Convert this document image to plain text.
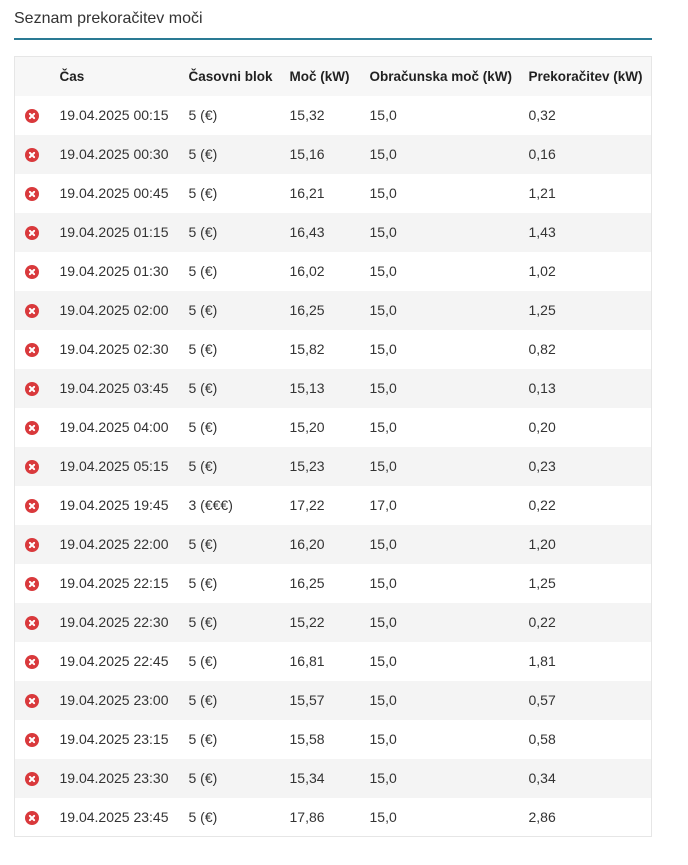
Seznam prekoračitev moči
	Čas	Časovni blok	Moč (kW)	Obračunska moč (kW)	Prekoračitev (kW)
	19.04.2025 00:15	5 (€)	15,32	15,0	0,32
	19.04.2025 00:30	5 (€)	15,16	15,0	0,16
	19.04.2025 00:45	5 (€)	16,21	15,0	1,21
	19.04.2025 01:15	5 (€)	16,43	15,0	1,43
	19.04.2025 01:30	5 (€)	16,02	15,0	1,02
	19.04.2025 02:00	5 (€)	16,25	15,0	1,25
	19.04.2025 02:30	5 (€)	15,82	15,0	0,82
	19.04.2025 03:45	5 (€)	15,13	15,0	0,13
	19.04.2025 04:00	5 (€)	15,20	15,0	0,20
	19.04.2025 05:15	5 (€)	15,23	15,0	0,23
	19.04.2025 19:45	3 (€€€)	17,22	17,0	0,22
	19.04.2025 22:00	5 (€)	16,20	15,0	1,20
	19.04.2025 22:15	5 (€)	16,25	15,0	1,25
	19.04.2025 22:30	5 (€)	15,22	15,0	0,22
	19.04.2025 22:45	5 (€)	16,81	15,0	1,81
	19.04.2025 23:00	5 (€)	15,57	15,0	0,57
	19.04.2025 23:15	5 (€)	15,58	15,0	0,58
	19.04.2025 23:30	5 (€)	15,34	15,0	0,34
	19.04.2025 23:45	5 (€)	17,86	15,0	2,86
